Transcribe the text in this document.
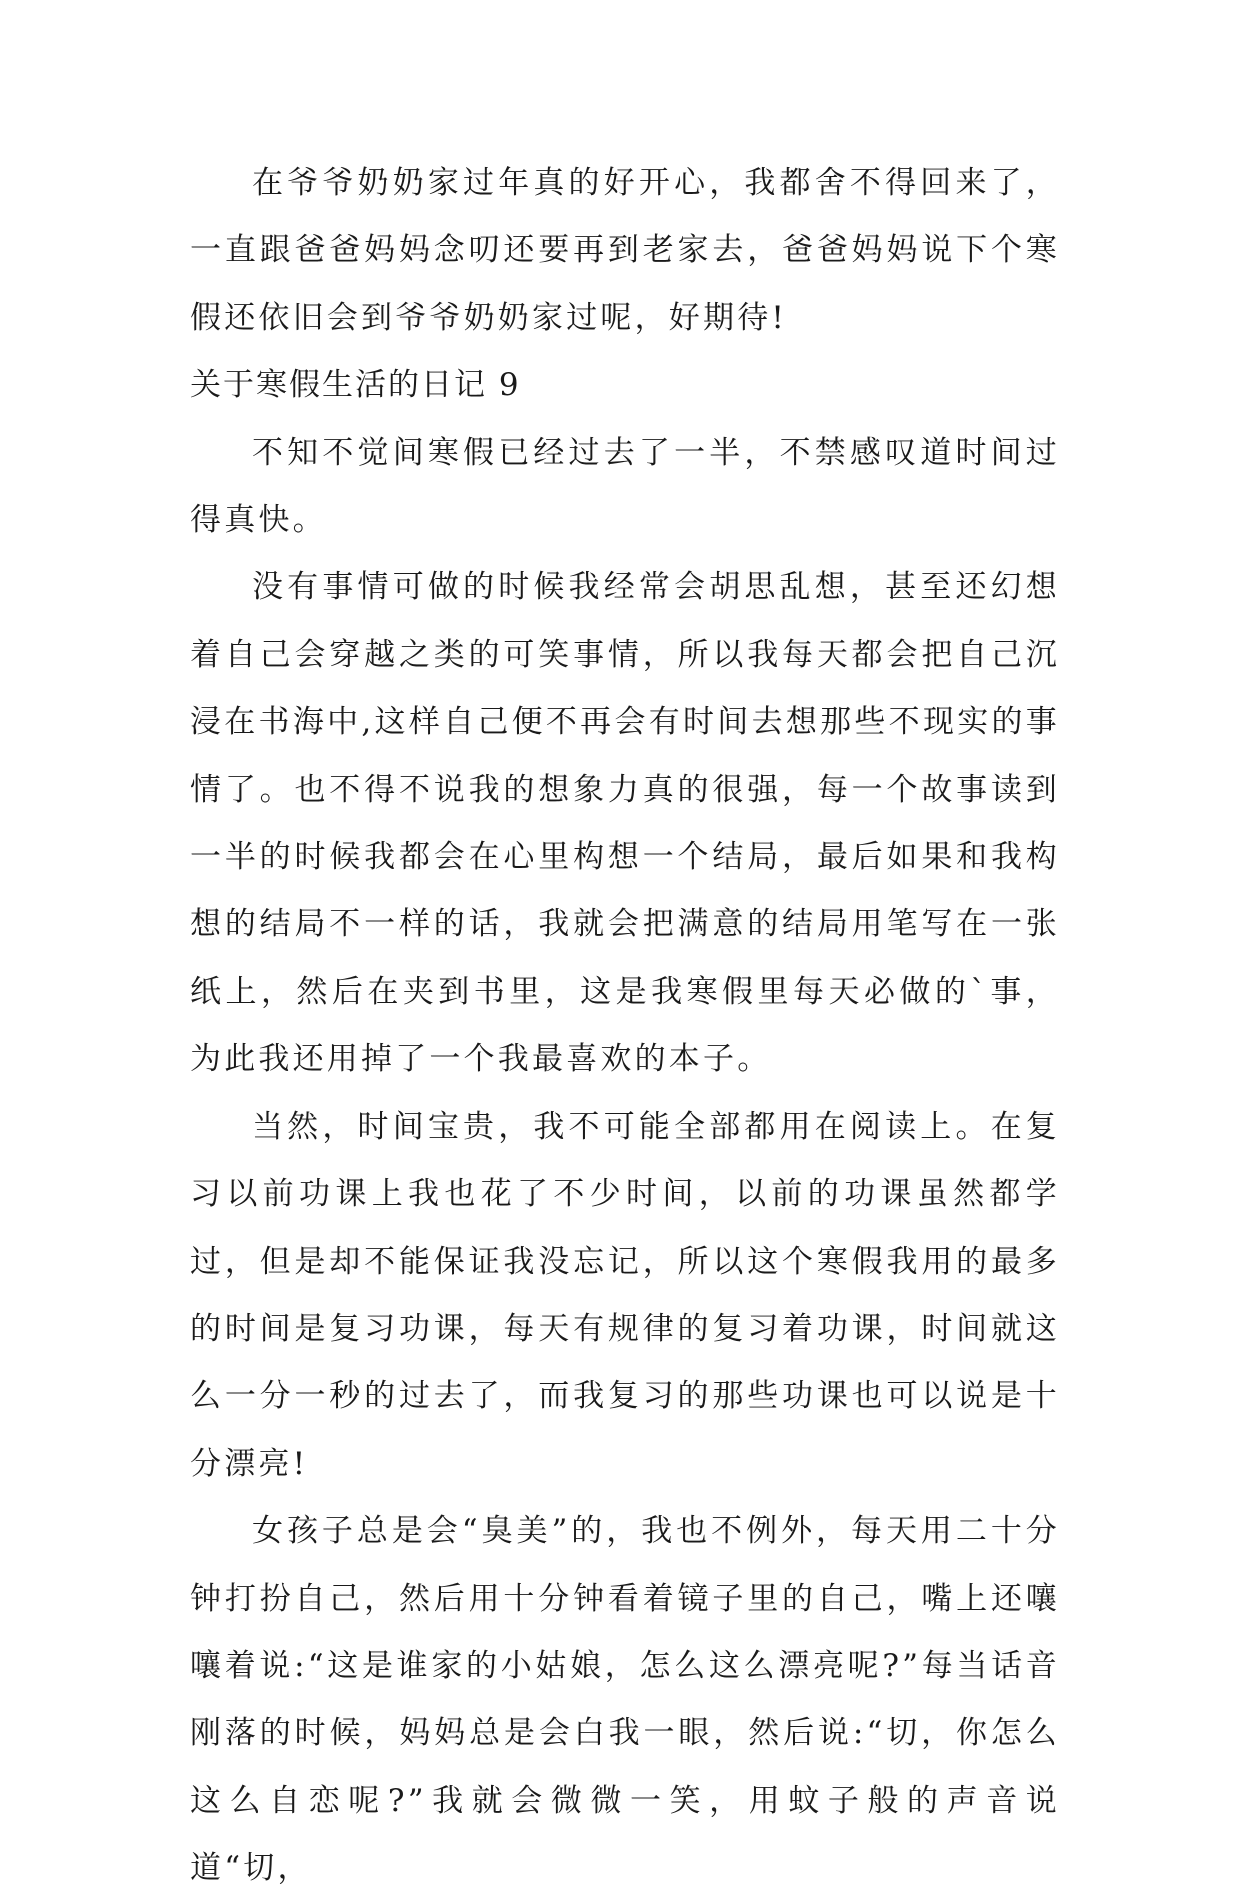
在爷爷奶奶家过年真的好开心，我都舍不得回来了，一直跟爸爸妈妈念叨还要再到老家去，爸爸妈妈说下个寒假还依旧会到爷爷奶奶家过呢，好期待!

关于寒假生活的日记 9

不知不觉间寒假已经过去了一半，不禁感叹道时间过得真快。

没有事情可做的时候我经常会胡思乱想，甚至还幻想着自己会穿越之类的可笑事情，所以我每天都会把自己沉浸在书海中,这样自己便不再会有时间去想那些不现实的事情了。也不得不说我的想象力真的很强，每一个故事读到一半的时候我都会在心里构想一个结局，最后如果和我构想的结局不一样的话，我就会把满意的结局用笔写在一张纸上，然后在夹到书里，这是我寒假里每天必做的`事，为此我还用掉了一个我最喜欢的本子。

当然，时间宝贵，我不可能全部都用在阅读上。在复习以前功课上我也花了不少时间，以前的功课虽然都学过，但是却不能保证我没忘记，所以这个寒假我用的最多的时间是复习功课，每天有规律的复习着功课，时间就这么一分一秒的过去了，而我复习的那些功课也可以说是十分漂亮!

女孩子总是会“臭美”的，我也不例外，每天用二十分钟打扮自己，然后用十分钟看着镜子里的自己，嘴上还嚷嚷着说:“这是谁家的小姑娘，怎么这么漂亮呢?”每当话音刚落的时候，妈妈总是会白我一眼，然后说:“切，你怎么这么自恋呢?”我就会微微一笑，用蚊子般的声音说道“切，
